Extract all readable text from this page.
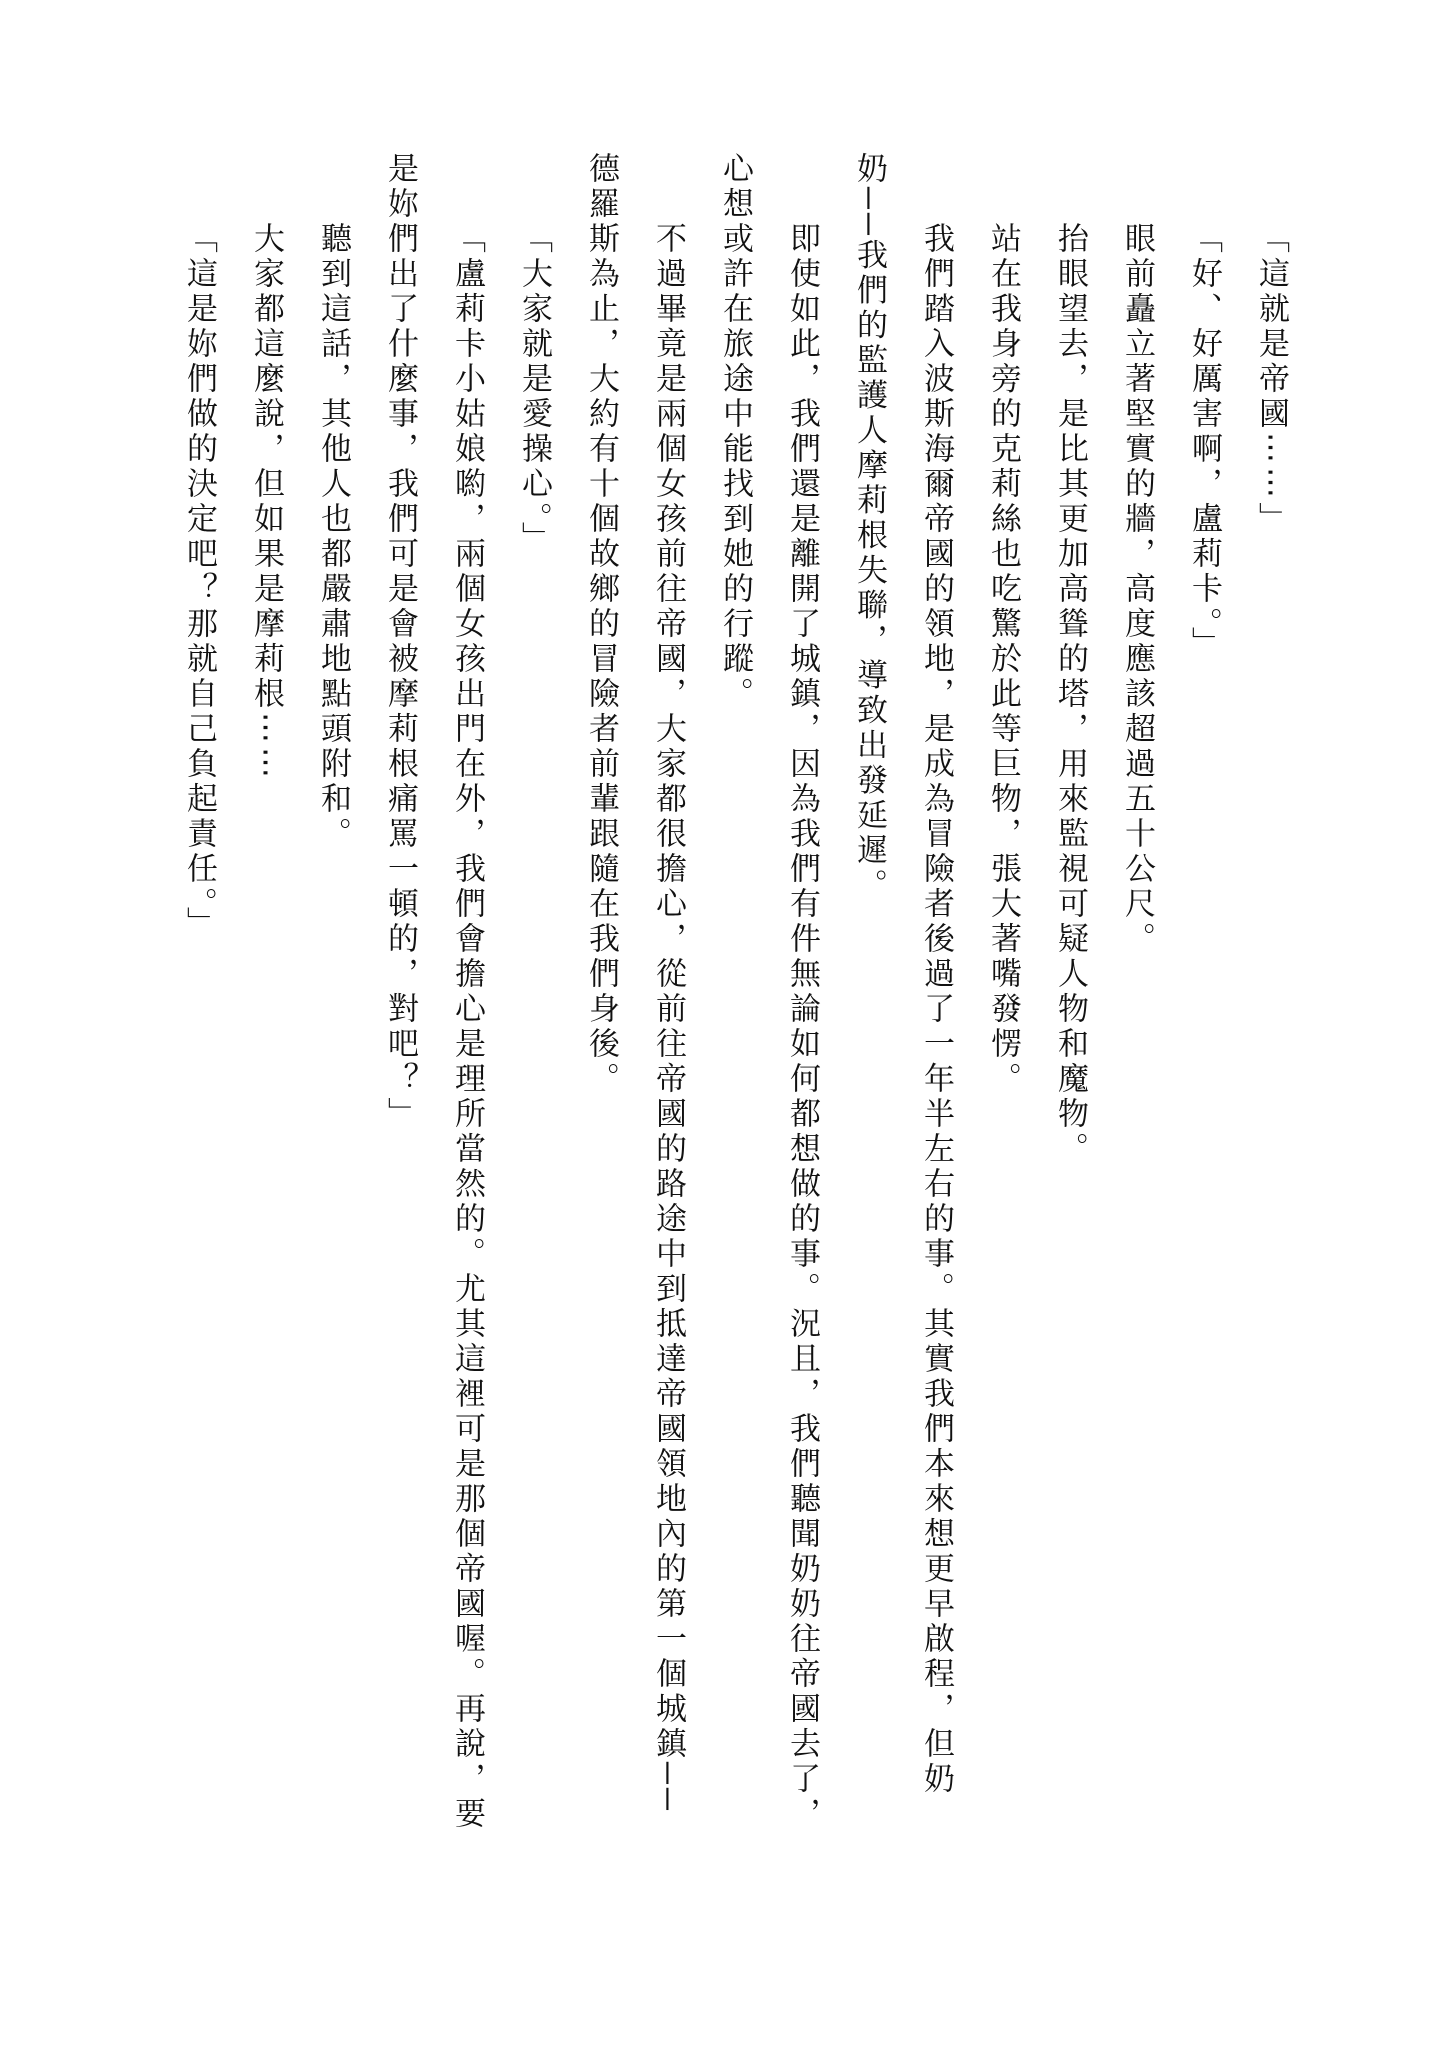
「這就是帝國⋯⋯」

「好、好厲害啊，盧莉卡。」

眼前矗立著堅實的牆，高度應該超過五十公尺。

抬眼望去，是比其更加高聳的塔，用來監視可疑人物和魔物。

站在我身旁的克莉絲也吃驚於此等巨物，張大著嘴發愣。

我們踏入波斯海爾帝國的領地，是成為冒險者後過了一年半左右的事。其實我們本來想更早啟程，但奶

奶──我們的監護人摩莉根失聯，導致出發延遲。

即使如此，我們還是離開了城鎮，因為我們有件無論如何都想做的事。況且，我們聽聞奶奶往帝國去了，

心想或許在旅途中能找到她的行蹤。

不過畢竟是兩個女孩前往帝國，大家都很擔心，從前往帝國的路途中到抵達帝國領地內的第一個城鎮──

德羅斯為止，大約有十個故鄉的冒險者前輩跟隨在我們身後。

「大家就是愛操心。」

「盧莉卡小姑娘喲，兩個女孩出門在外，我們會擔心是理所當然的。尤其這裡可是那個帝國喔。再說，要

是妳們出了什麼事，我們可是會被摩莉根痛罵一頓的，對吧？」

聽到這話，其他人也都嚴肅地點頭附和。

大家都這麼說，但如果是摩莉根⋯⋯

「這是妳們做的決定吧？那就自己負起責任。」
